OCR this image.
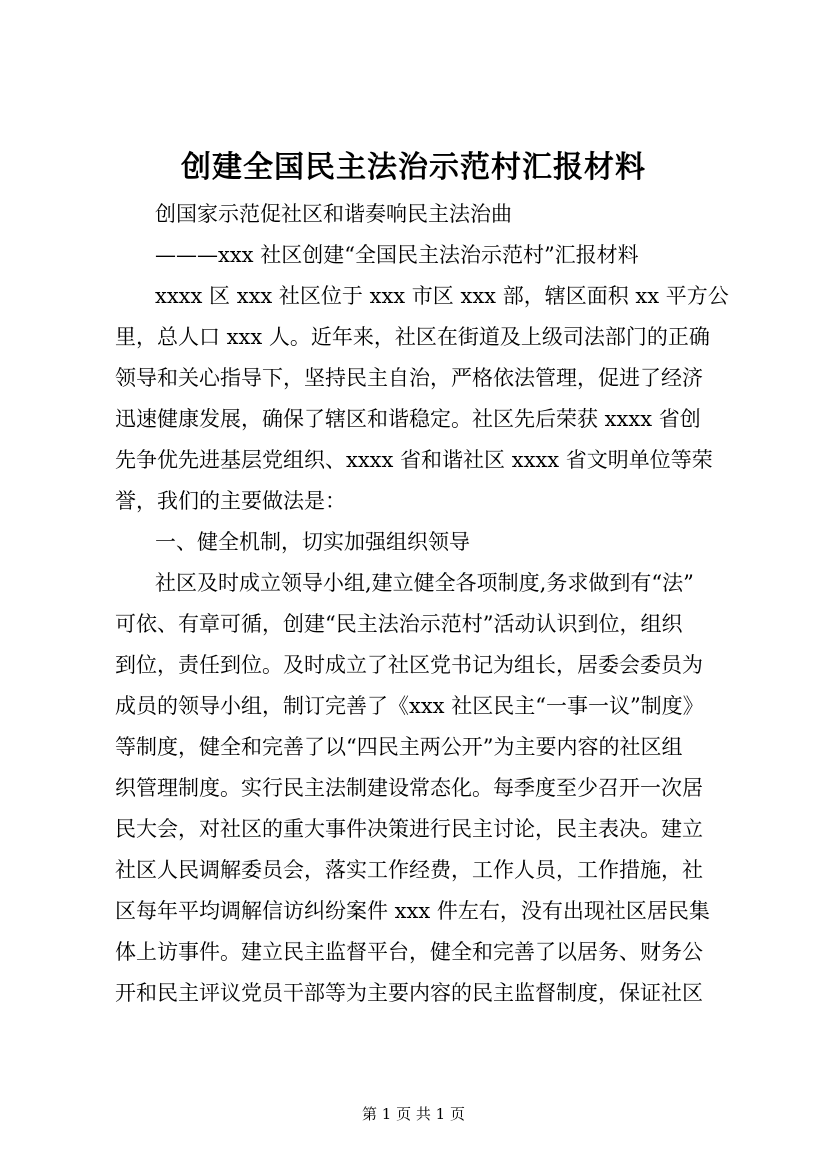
创建全国民主法治示范村汇报材料
创国家示范促社区和谐奏响民主法治曲
———xxx 社区创建“全国民主法治示范村”汇报材料
xxxx 区 xxx 社区位于 xxx 市区 xxx 部，辖区面积 xx 平方公
里，总人口 xxx 人。近年来，社区在街道及上级司法部门的正确
领导和关心指导下，坚持民主自治，严格依法管理，促进了经济
迅速健康发展，确保了辖区和谐稳定。社区先后荣获 xxxx 省创
先争优先进基层党组织、xxxx 省和谐社区 xxxx 省文明单位等荣
誉，我们的主要做法是：
一、健全机制，切实加强组织领导
社区及时成立领导小组,建立健全各项制度,务求做到有“法”
可依、有章可循，创建“民主法治示范村”活动认识到位，组织
到位，责任到位。及时成立了社区党书记为组长，居委会委员为
成员的领导小组，制订完善了《xxx 社区民主“一事一议”制度》
等制度，健全和完善了以“四民主两公开”为主要内容的社区组
织管理制度。实行民主法制建设常态化。每季度至少召开一次居
民大会，对社区的重大事件决策进行民主讨论，民主表决。建立
社区人民调解委员会，落实工作经费，工作人员，工作措施，社
区每年平均调解信访纠纷案件 xxx 件左右，没有出现社区居民集
体上访事件。建立民主监督平台，健全和完善了以居务、财务公
开和民主评议党员干部等为主要内容的民主监督制度，保证社区
第 1 页 共 1 页
